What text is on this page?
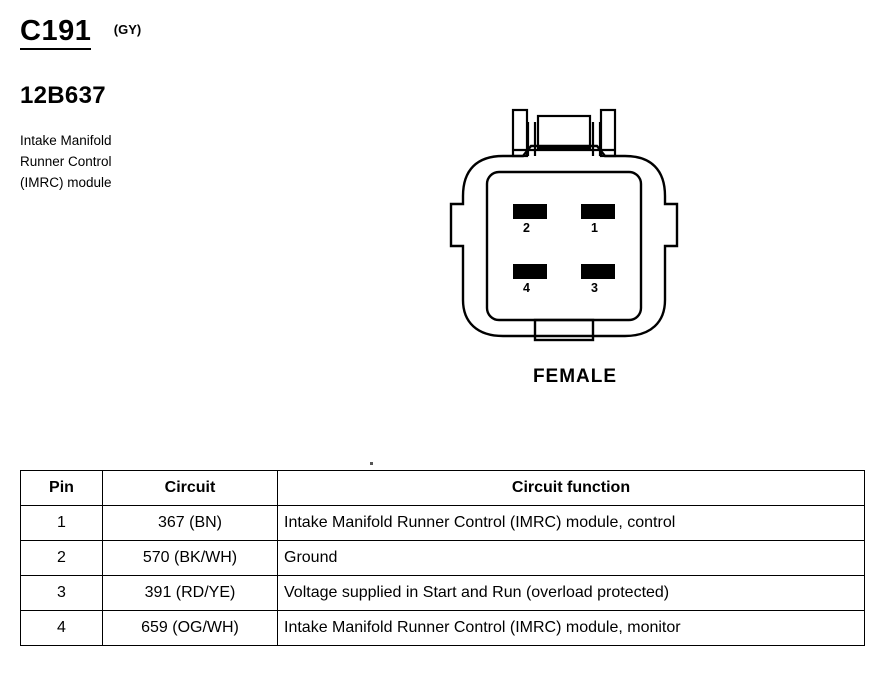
C191 (GY)
12B637
Intake Manifold
Runner Control
(IMRC) module
2	1
4	3
FEMALE
Pin	Circuit	Circuit function
1	367 (BN)	Intake Manifold Runner Control (IMRC) module, control
2	570 (BK/WH)	Ground
3	391 (RD/YE)	Voltage supplied in Start and Run (overload protected)
4	659 (OG/WH)	Intake Manifold Runner Control (IMRC) module, monitor
